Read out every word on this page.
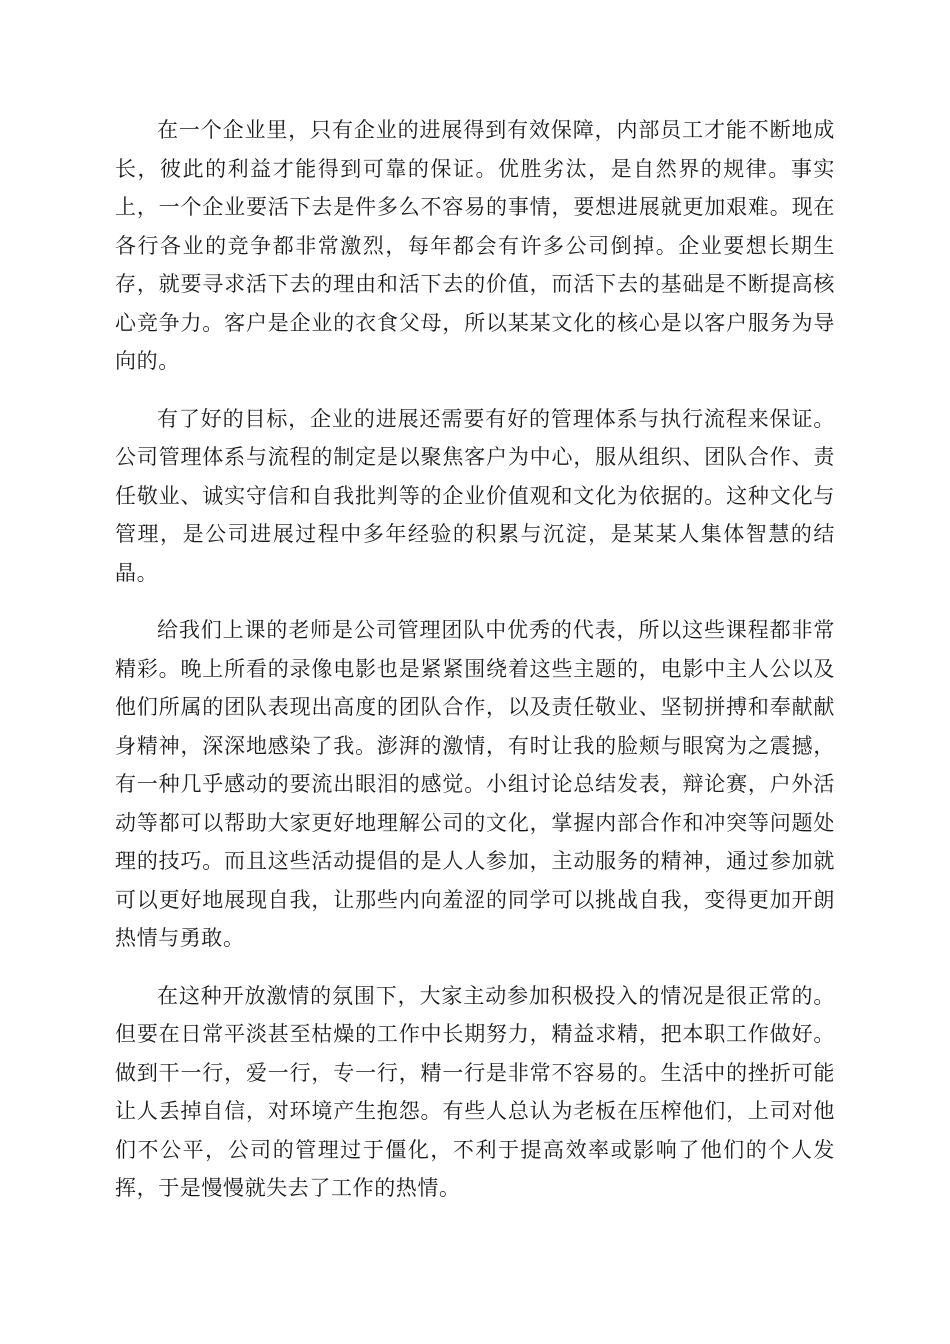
在一个企业里，只有企业的进展得到有效保障，内部员工才能不断地成长，彼此的利益才能得到可靠的保证。优胜劣汰，是自然界的规律。事实上，一个企业要活下去是件多么不容易的事情，要想进展就更加艰难。现在各行各业的竞争都非常激烈，每年都会有许多公司倒掉。企业要想长期生存，就要寻求活下去的理由和活下去的价值，而活下去的基础是不断提高核心竞争力。客户是企业的衣食父母，所以某某文化的核心是以客户服务为导向的。

有了好的目标，企业的进展还需要有好的管理体系与执行流程来保证。公司管理体系与流程的制定是以聚焦客户为中心，服从组织、团队合作、责任敬业、诚实守信和自我批判等的企业价值观和文化为依据的。这种文化与管理，是公司进展过程中多年经验的积累与沉淀，是某某人集体智慧的结晶。

给我们上课的老师是公司管理团队中优秀的代表，所以这些课程都非常精彩。晚上所看的录像电影也是紧紧围绕着这些主题的，电影中主人公以及他们所属的团队表现出高度的团队合作，以及责任敬业、坚韧拼搏和奉献献身精神，深深地感染了我。澎湃的激情，有时让我的脸颊与眼窝为之震撼，有一种几乎感动的要流出眼泪的感觉。小组讨论总结发表，辩论赛，户外活动等都可以帮助大家更好地理解公司的文化，掌握内部合作和冲突等问题处理的技巧。而且这些活动提倡的是人人参加，主动服务的精神，通过参加就可以更好地展现自我，让那些内向羞涩的同学可以挑战自我，变得更加开朗热情与勇敢。

在这种开放激情的氛围下，大家主动参加积极投入的情况是很正常的。但要在日常平淡甚至枯燥的工作中长期努力，精益求精，把本职工作做好。做到干一行，爱一行，专一行，精一行是非常不容易的。生活中的挫折可能让人丢掉自信，对环境产生抱怨。有些人总认为老板在压榨他们，上司对他们不公平，公司的管理过于僵化，不利于提高效率或影响了他们的个人发挥，于是慢慢就失去了工作的热情。
